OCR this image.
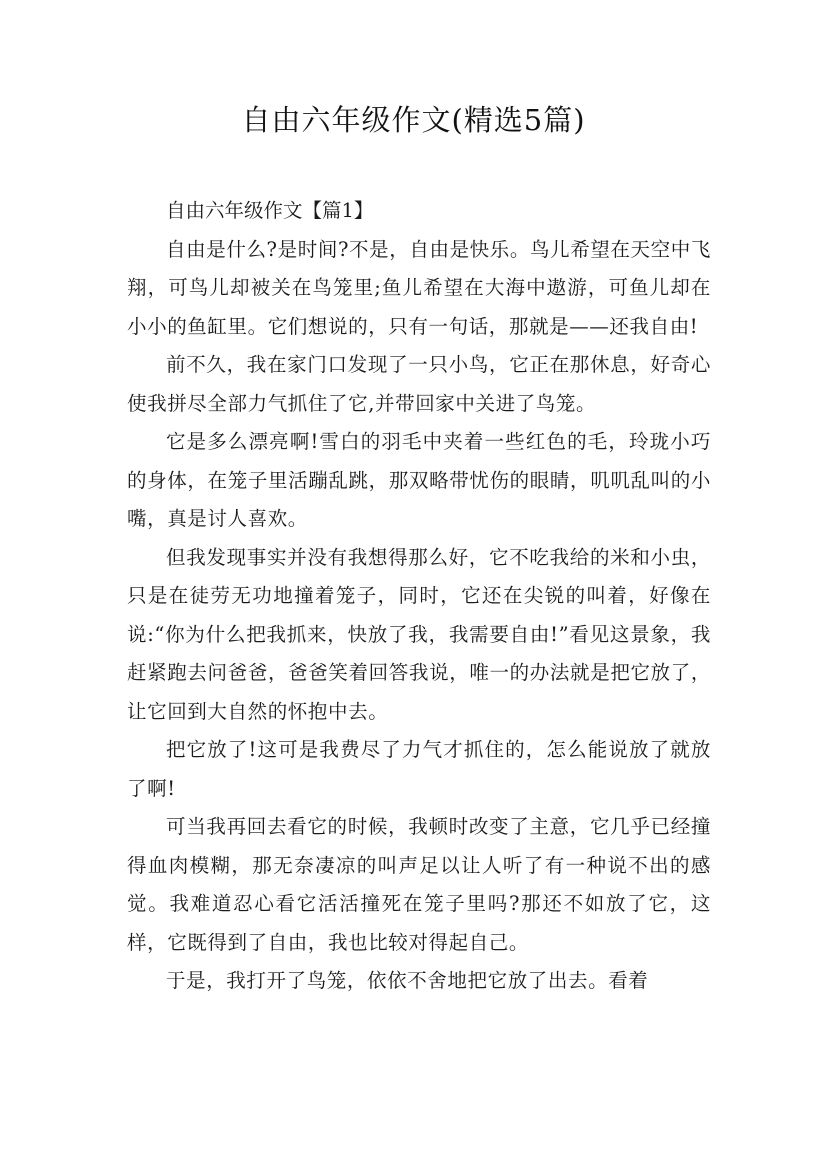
自由六年级作文(精选5篇)

自由六年级作文【篇1】

自由是什么?是时间?不是，自由是快乐。鸟儿希望在天空中飞翔，可鸟儿却被关在鸟笼里;鱼儿希望在大海中遨游，可鱼儿却在小小的鱼缸里。它们想说的，只有一句话，那就是——还我自由!

前不久，我在家门口发现了一只小鸟，它正在那休息，好奇心使我拼尽全部力气抓住了它,并带回家中关进了鸟笼。

它是多么漂亮啊!雪白的羽毛中夹着一些红色的毛，玲珑小巧的身体，在笼子里活蹦乱跳，那双略带忧伤的眼睛，叽叽乱叫的小嘴，真是讨人喜欢。

但我发现事实并没有我想得那么好，它不吃我给的米和小虫，只是在徒劳无功地撞着笼子，同时，它还在尖锐的叫着，好像在说:“你为什么把我抓来，快放了我，我需要自由!”看见这景象，我赶紧跑去问爸爸，爸爸笑着回答我说，唯一的办法就是把它放了，让它回到大自然的怀抱中去。

把它放了!这可是我费尽了力气才抓住的，怎么能说放了就放了啊!

可当我再回去看它的时候，我顿时改变了主意，它几乎已经撞得血肉模糊，那无奈凄凉的叫声足以让人听了有一种说不出的感觉。我难道忍心看它活活撞死在笼子里吗?那还不如放了它，这样，它既得到了自由，我也比较对得起自己。

于是，我打开了鸟笼，依依不舍地把它放了出去。看着
